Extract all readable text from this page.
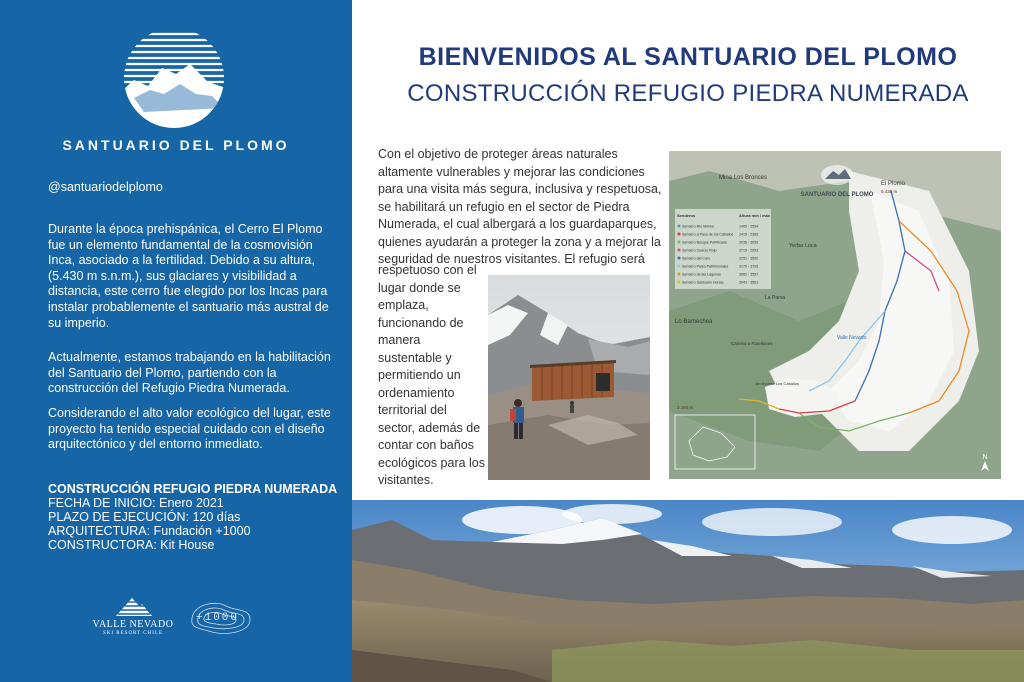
SANTUARIO DEL PLOMO
@santuariodelplomo
Durante la época prehispánica, el Cerro El Plomo fue un elemento fundamental de la cosmovisión Inca, asociado a la fertilidad. Debido a su altura, (5.430 m s.n.m.), sus glaciares y visibilidad a distancia, este cerro fue elegido por los Incas para instalar probablemente el santuario más austral de su imperio.
Actualmente, estamos trabajando en la habilitación del Santuario del Plomo, partiendo con la construcción del Refugio Piedra Numerada.
Considerando el alto valor ecológico del lugar, este proyecto ha tenido especial cuidado con el diseño arquitectónico y del entorno inmediato.
CONSTRUCCIÓN REFUGIO PIEDRA NUMERADA
FECHA DE INICIO: Enero 2021
PLAZO DE EJECUCIÓN: 120 días
ARQUITECTURA: Fundación +1000
CONSTRUCTORA: Kit House
VALLE NEVADO
SKI RESORT CHILE
+1000
BIENVENIDOS AL SANTUARIO DEL PLOMO
CONSTRUCCIÓN REFUGIO PIEDRA NUMERADA
Con el objetivo de proteger áreas naturales altamente vulnerables y mejorar las condiciones para una visita más segura, inclusiva y respetuosa, se habilitará un refugio en el sector de Piedra Numerada, el cual albergará a los guardaparques, quienes ayudarán a proteger la zona y a mejorar la seguridad de nuestros visitantes. El refugio será
respetuoso con el lugar donde se emplaza, funcionando de manera sustentable y permitiendo un ordenamiento territorial del sector, además de contar con baños ecológicos para los visitantes.
SANTUARIO DEL PLOMO
Senderos	Altura min / máx
Sendero Río Molina	1400 - 2594
Sendero a Paso de los Caballos 1415 - 2389
Sendero Bosque Petrificado	2036 - 3059
Sendero Cuarzo Rojo	2719 - 2953
Sendero del Caro	3151 - 3502
Sendero Pulso Patrimoniales	3170 - 3705
Sendero de las Lagunas	3082 - 3557
Sendero Santuario Honaa	3043 - 3561
Mina Los Bronces
El Plomo
5.430 m
Yerba Loca
La Parva
Lo Barnechea
Camino a Farellones
1er Acceso Los Caballos
Valle Nevado
3.160 m
N
